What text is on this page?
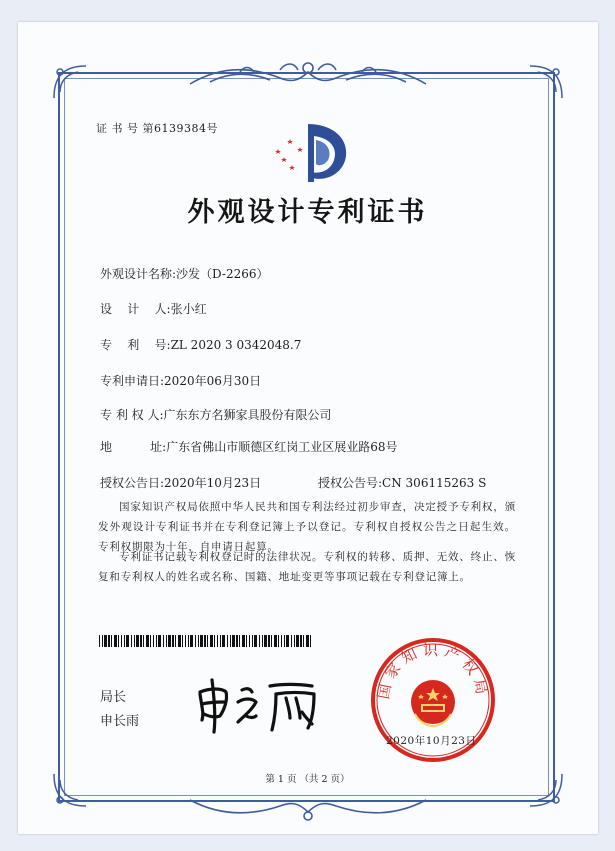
证 书 号 第6139384号
外观设计专利证书
外观设计名称:沙发（D-2266）
设    计    人:张小红
专    利    号:ZL 2020 3 0342048.7
专利申请日:2020年06月30日
专 利 权 人:广东东方名狮家具股份有限公司
地          址:广东省佛山市顺德区红岗工业区展业路68号
授权公告日:2020年10月23日	授权公告号:CN 306115263 S
国家知识产权局依照中华人民共和国专利法经过初步审查，决定授予专利权，颁发外观设计专利证书并在专利登记簿上予以登记。专利权自授权公告之日起生效。专利权期限为十年，自申请日起算。
专利证书记载专利权登记时的法律状况。专利权的转移、质押、无效、终止、恢复和专利权人的姓名或名称、国籍、地址变更等事项记载在专利登记簿上。
局长
申长雨
国家知识产权局
2020年10月23日
第 1 页 （共 2 页）
